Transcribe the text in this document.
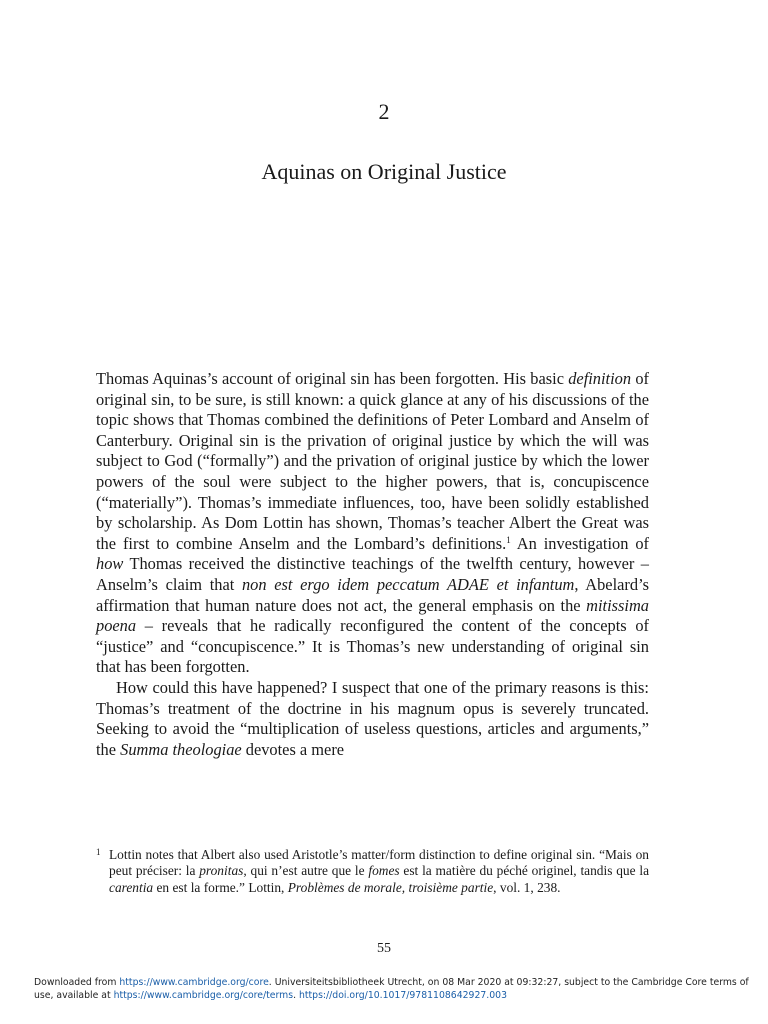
2
Aquinas on Original Justice

Thomas Aquinas’s account of original sin has been forgotten. His basic definition of original sin, to be sure, is still known: a quick glance at any of his discussions of the topic shows that Thomas combined the definitions of Peter Lombard and Anselm of Canterbury. Original sin is the privation of original justice by which the will was subject to God (“formally”) and the privation of original justice by which the lower powers of the soul were subject to the higher powers, that is, concupiscence (“materially”). Thomas’s immediate influences, too, have been solidly established by scholarship. As Dom Lottin has shown, Thomas’s teacher Albert the Great was the first to combine Anselm and the Lombard’s definitions.$^1$ An investigation of how Thomas received the distinctive teachings of the twelfth century, however – Anselm’s claim that non est ergo idem peccatum ADAE et infantum, Abelard’s affirmation that human nature does not act, the general emphasis on the mitissima poena – reveals that he radically reconfigured the content of the concepts of “justice” and “concupiscence.” It is Thomas’s new understanding of original sin that has been forgotten.

How could this have happened? I suspect that one of the primary reasons is this: Thomas’s treatment of the doctrine in his magnum opus is severely truncated. Seeking to avoid the “multiplication of useless questions, articles and arguments,” the Summa theologiae devotes a mere

1 Lottin notes that Albert also used Aristotle’s matter/form distinction to define original sin. “Mais on peut préciser: la pronitas, qui n’est autre que le fomes est la matière du péché originel, tandis que la carentia en est la forme.” Lottin, Problèmes de morale, troisième partie, vol. 1, 238.
55
Downloaded from https://www.cambridge.org/core. Universiteitsbibliotheek Utrecht, on 08 Mar 2020 at 09:32:27, subject to the Cambridge Core terms of use, available at https://www.cambridge.org/core/terms. https://doi.org/10.1017/9781108642927.003
